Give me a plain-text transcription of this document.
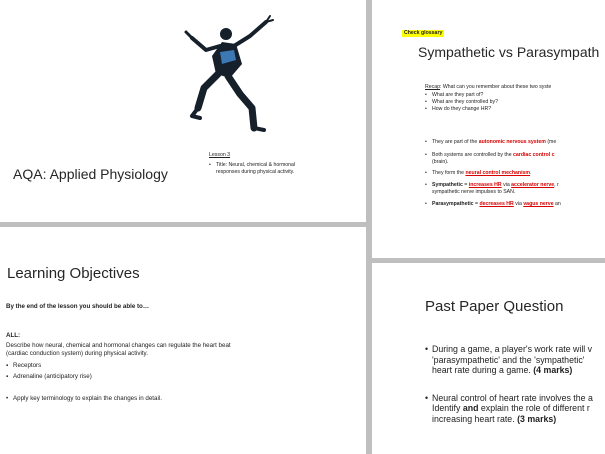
AQA: Applied Physiology
Lesson 3
• Title: Neural, chemical & hormonal responses during physical activity.
Check glossary
Sympathetic vs Parasympath
Recap: What can you remember about these two syste
• What are they part of?
• What are they controlled by?
• How do they change HR?
• They are part of the autonomic nervous system (me
• Both systems are controlled by the cardiac control c
(brain).
• They form the neural control mechanism.
• Sympathetic = increases HR via accelerator nerve, r
sympathetic nerve impulses to SAN.
• Parasympathetic = decreases HR via vagus nerve an
Learning Objectives
By the end of the lesson you should be able to…
ALL:
Describe how neural, chemical and hormonal changes can regulate the heart beat
(cardiac conduction system) during physical activity.
▪ Receptors
▪ Adrenaline (anticipatory rise)
• Apply key terminology to explain the changes in detail.
Past Paper Question
• During a game, a player's work rate will v
'parasympathetic' and the 'sympathetic'
heart rate during a game. (4 marks)
• Neural control of heart rate involves the a
Identify and explain the role of different r
increasing heart rate. (3 marks)
